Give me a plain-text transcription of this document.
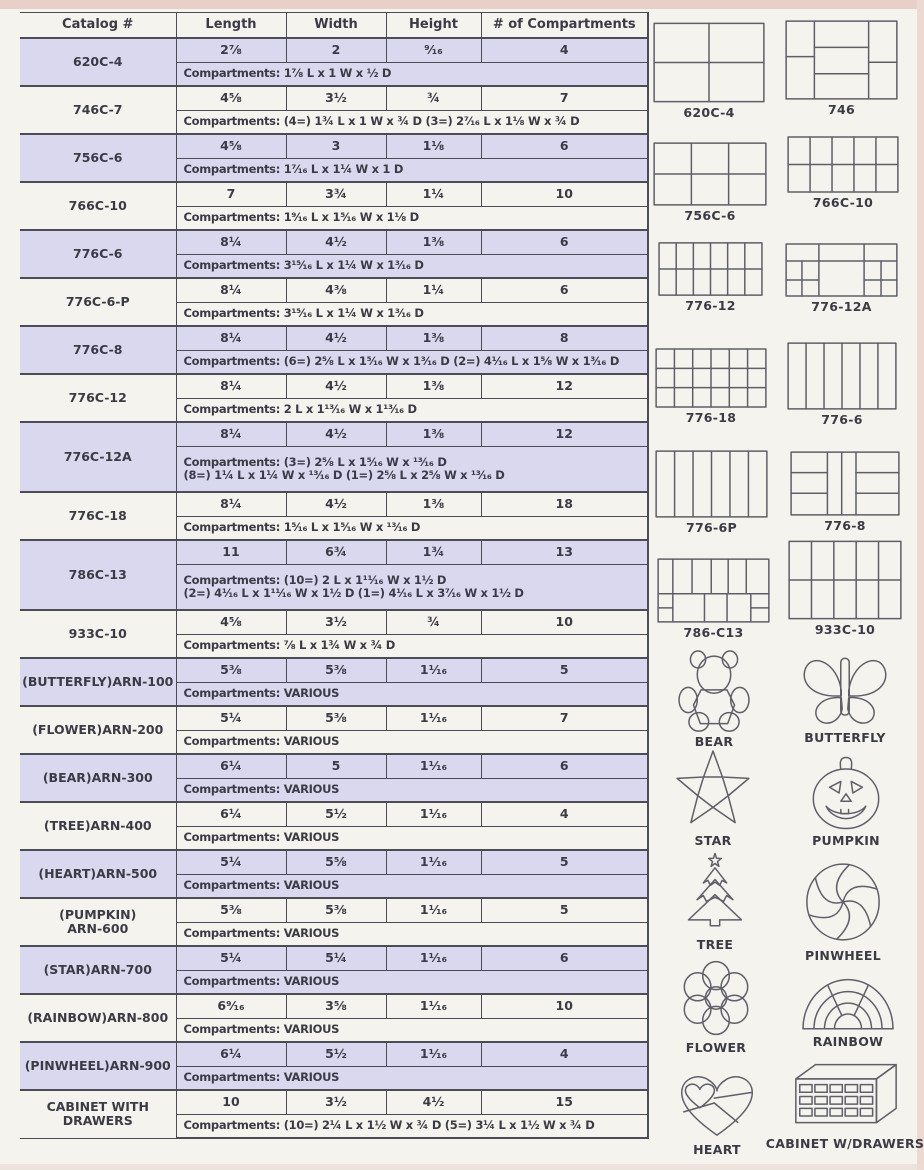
Catalog #	Length	Width	Height	# of Compartments
620C-4	2⅞	2	⁹⁄₁₆	4
	Compartments: 1⅞ L x 1 W x ½ D			
746C-7	4⅝	3½	¾	7
	Compartments: (4=) 1¾ L x 1 W x ¾ D (3=) 2⁷⁄₁₆ L x 1⅛ W x ¾ D			
756C-6	4⅝	3	1⅛	6
	Compartments: 1⁷⁄₁₆ L x 1¼ W x 1 D			
766C-10	7	3¾	1¼	10
	Compartments: 1⁹⁄₁₆ L x 1⁵⁄₁₆ W x 1⅛ D			
776C-6	8¼	4½	1⅜	6
	Compartments: 3¹⁵⁄₁₆ L x 1¼ W x 1³⁄₁₆ D			
776C-6-P	8¼	4⅜	1¼	6
	Compartments: 3¹⁵⁄₁₆ L x 1¼ W x 1³⁄₁₆ D			
776C-8	8¼	4½	1⅜	8
	Compartments: (6=) 2⅝ L x 1⁵⁄₁₆ W x 1³⁄₁₆ D (2=) 4¹⁄₁₆ L x 1⅝ W x 1³⁄₁₆ D			
776C-12	8¼	4½	1⅜	12
	Compartments: 2 L x 1¹³⁄₁₆ W x 1¹³⁄₁₆ D			
776C-12A	8¼	4½	1⅜	12
	Compartments: (3=) 2⅝ L x 1⁵⁄₁₆ W x ¹³⁄₁₆ D
(8=) 1¼ L x 1¼ W x ¹³⁄₁₆ D (1=) 2⅝ L x 2⅝ W x ¹³⁄₁₆ D			
776C-18	8¼	4½	1⅜	18
	Compartments: 1⁵⁄₁₆ L x 1⁵⁄₁₆ W x ¹³⁄₁₆ D			
786C-13	11	6¾	1¾	13
	Compartments: (10=) 2 L x 1¹¹⁄₁₆ W x 1½ D
(2=) 4¹⁄₁₆ L x 1¹¹⁄₁₆ W x 1½ D (1=) 4¹⁄₁₆ L x 3⁷⁄₁₆ W x 1½ D			
933C-10	4⅝	3½	¾	10
	Compartments: ⅞ L x 1¾ W x ¾ D			
(BUTTERFLY)ARN-100	5⅜	5⅜	1¹⁄₁₆	5
	Compartments: VARIOUS			
(FLOWER)ARN-200	5¼	5⅜	1¹⁄₁₆	7
	Compartments: VARIOUS			
(BEAR)ARN-300	6¼	5	1¹⁄₁₆	6
	Compartments: VARIOUS			
(TREE)ARN-400	6¼	5½	1¹⁄₁₆	4
	Compartments: VARIOUS			
(HEART)ARN-500	5¼	5⅝	1¹⁄₁₆	5
	Compartments: VARIOUS			
(PUMPKIN)
ARN-600	5⅜	5⅜	1¹⁄₁₆	5
	Compartments: VARIOUS			
(STAR)ARN-700	5¼	5¼	1¹⁄₁₆	6
	Compartments: VARIOUS			
(RAINBOW)ARN-800	6⁹⁄₁₆	3⅝	1¹⁄₁₆	10
	Compartments: VARIOUS			
(PINWHEEL)ARN-900	6¼	5½	1¹⁄₁₆	4
	Compartments: VARIOUS			
CABINET WITH
DRAWERS	10	3½	4½	15
	Compartments: (10=) 2¼ L x 1½ W x ¾ D (5=) 3¼ L x 1½ W x ¾ D			
620C-4	746
756C-6
766C-10
776-12	776-12A
776-18	776-6
776-6P	776-8
786-C13	933C-10
BEAR	BUTTERFLY
STAR	PUMPKIN
TREE
PINWHEEL
FLOWER	RAINBOW
HEART CABINET W/DRAWERS
